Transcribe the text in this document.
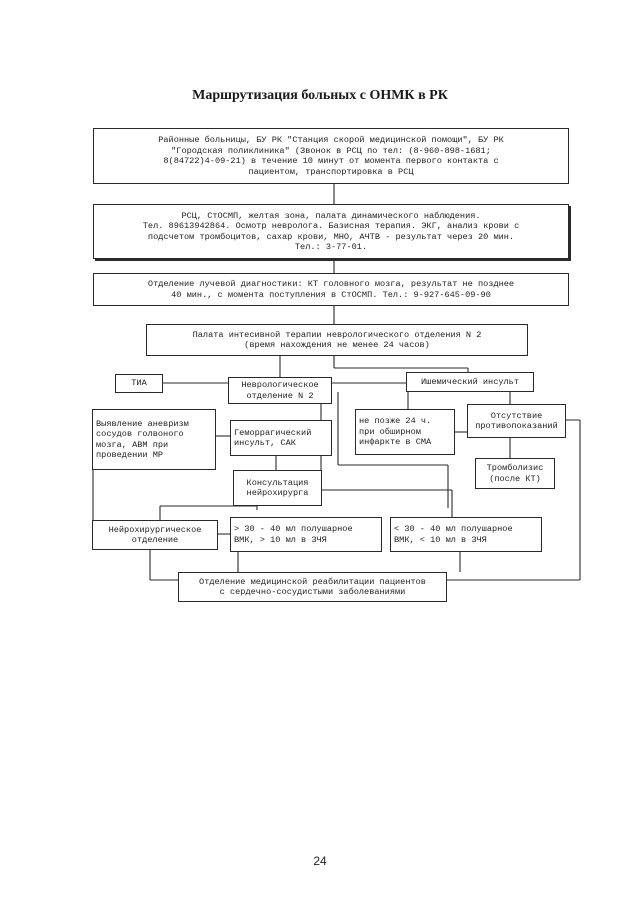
Маршрутизация больных с ОНМК в РК
Районные больницы, БУ РК "Станция скорой медицинской помощи", БУ РК
"Городская поликлиника" (Звонок в РСЦ по тел: (8-960-898-1681;
8(84722)4-09-21) в течение 10 минут от момента первого контакта с
пациентом, транспортировка в РСЦ
РСЦ, СтОСМП, желтая зона, палата динамического наблюдения.
Тел. 89613942864. Осмотр невролога. Базисная терапия. ЭКГ, анализ крови с
подсчетом тромбоцитов, сахар крови, МНО, АЧТВ - результат через 20 мин.
Тел.: 3-77-01.
Отделение лучевой диагностики: КТ головного мозга, результат не позднее
40 мин., с момента поступления в СтОСМП. Тел.: 9-927-645-09-90
Палата интесивной терапии неврологического отделения N 2
(время нахождения не менее 24 часов)
ТИА	Неврологическое
отделение N 2
Ишемический инсульт
Выявление аневризм
сосудов голвоного
мозга, АВМ при
проведении МР
Геморрагический
инсульт, САК
не позже 24 ч.
при обширном
инфаркте в СМА
Отсутствие
противопоказаний
Тромболизис
(после КТ)
Консультация
нейрохирурга
Нейрохирургическое
отделение
> 30 - 40 мл полушарное
ВМК, > 10 мл в ЗЧЯ
< 30 - 40 мл полушарное
ВМК, < 10 мл в ЗЧЯ
Отделение медицинской реабилитации пациентов
с сердечно-сосудистыми заболеваниями
24
